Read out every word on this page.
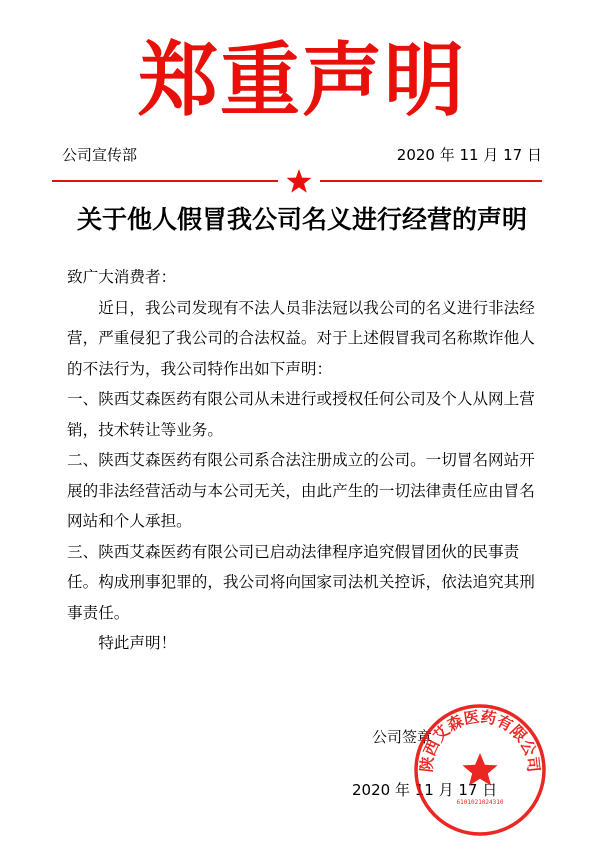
郑重声明
公司宣传部	2020 年 11 月 17 日
关于他人假冒我公司名义进行经营的声明

致广大消费者：

近日，我公司发现有不法人员非法冠以我公司的名义进行非法经营，严重侵犯了我公司的合法权益。对于上述假冒我司名称欺诈他人的不法行为，我公司特作出如下声明：

一、陕西艾森医药有限公司从未进行或授权任何公司及个人从网上营销，技术转让等业务。

二、陕西艾森医药有限公司系合法注册成立的公司。一切冒名网站开展的非法经营活动与本公司无关，由此产生的一切法律责任应由冒名网站和个人承担。

三、陕西艾森医药有限公司已启动法律程序追究假冒团伙的民事责任。构成刑事犯罪的，我公司将向国家司法机关控诉，依法追究其刑事责任。

特此声明！

公司签章
2020 年 11 月 17 日
陕西艾森医药有限公司
6101021024310
